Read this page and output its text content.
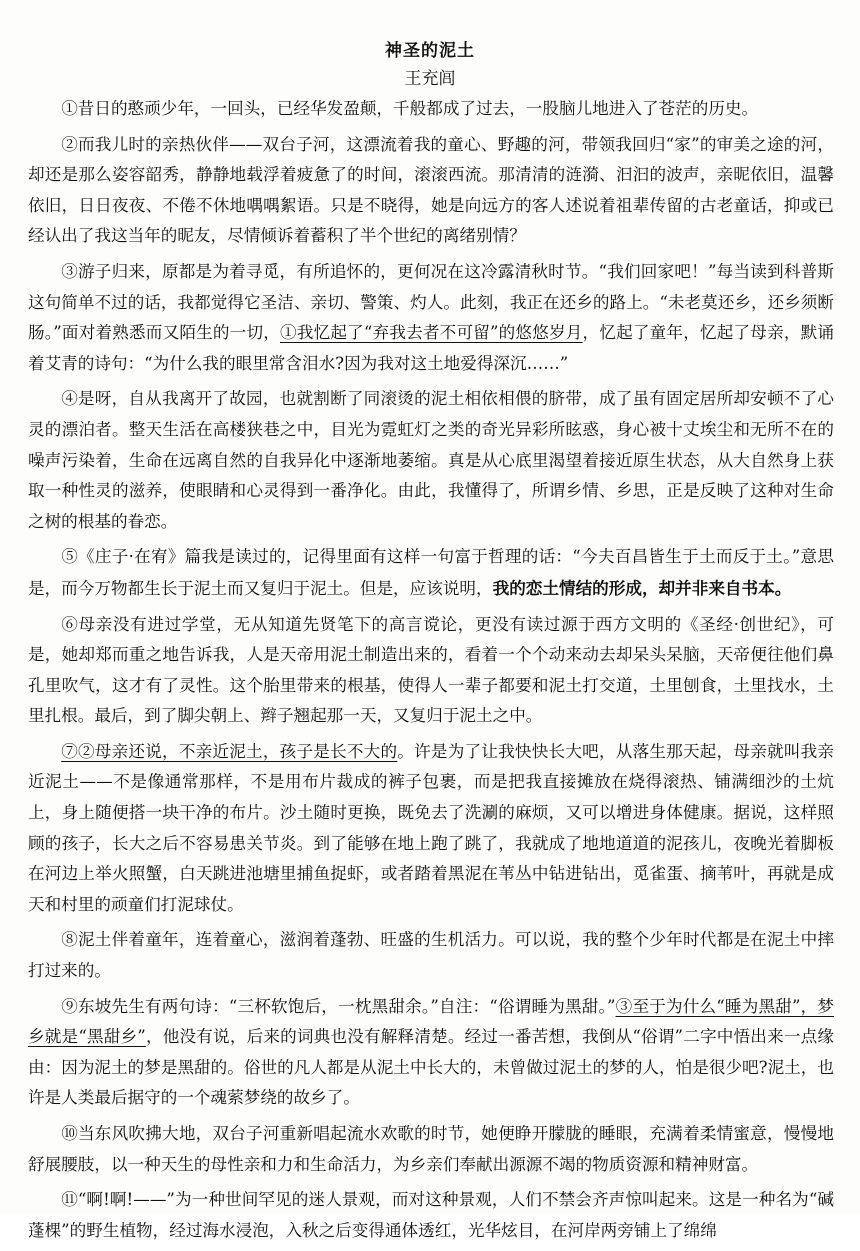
神圣的泥土
王充闾

①昔日的憨顽少年，一回头，已经华发盈颠，千般都成了过去，一股脑儿地进入了苍茫的历史。

②而我儿时的亲热伙伴——双台子河，这漂流着我的童心、野趣的河，带领我回归“家”的审美之途的河，却还是那么姿容韶秀，静静地载浮着疲惫了的时间，滚滚西流。那清清的涟漪、汩汩的波声，亲昵依旧，温馨依旧，日日夜夜、不倦不休地喁喁絮语。只是不晓得，她是向远方的客人述说着祖辈传留的古老童话，抑或已经认出了我这当年的昵友，尽情倾诉着蓄积了半个世纪的离绪别情？

③游子归来，原都是为着寻觅，有所追怀的，更何况在这冷露清秋时节。“我们回家吧！”每当读到科普斯这句简单不过的话，我都觉得它圣洁、亲切、警策、灼人。此刻，我正在还乡的路上。“未老莫还乡，还乡须断肠。”面对着熟悉而又陌生的一切，①我忆起了“弃我去者不可留”的悠悠岁月，忆起了童年，忆起了母亲，默诵着艾青的诗句：“为什么我的眼里常含泪水?因为我对这土地爱得深沉……”

④是呀，自从我离开了故园，也就割断了同滚烫的泥土相依相偎的脐带，成了虽有固定居所却安顿不了心灵的漂泊者。整天生活在高楼狭巷之中，目光为霓虹灯之类的奇光异彩所眩惑，身心被十丈埃尘和无所不在的噪声污染着，生命在远离自然的自我异化中逐渐地萎缩。真是从心底里渴望着接近原生状态，从大自然身上获取一种性灵的滋养，使眼睛和心灵得到一番净化。由此，我懂得了，所谓乡情、乡思，正是反映了这种对生命之树的根基的眷恋。

⑤《庄子·在宥》篇我是读过的，记得里面有这样一句富于哲理的话：“今夫百昌皆生于土而反于土。”意思是，而今万物都生长于泥土而又复归于泥土。但是，应该说明，我的恋土情结的形成，却并非来自书本。

⑥母亲没有进过学堂，无从知道先贤笔下的高言谠论，更没有读过源于西方文明的《圣经·创世纪》，可是，她却郑而重之地告诉我，人是天帝用泥土制造出来的，看着一个个动来动去却呆头呆脑，天帝便往他们鼻孔里吹气，这才有了灵性。这个胎里带来的根基，使得人一辈子都要和泥土打交道，土里刨食，土里找水，土里扎根。最后，到了脚尖朝上、辫子翘起那一天，又复归于泥土之中。

⑦②母亲还说，不亲近泥土，孩子是长不大的。许是为了让我快快长大吧，从落生那天起，母亲就叫我亲近泥土——不是像通常那样，不是用布片裁成的裤子包裹，而是把我直接摊放在烧得滚热、铺满细沙的土炕上，身上随便搭一块干净的布片。沙土随时更换，既免去了洗涮的麻烦，又可以增进身体健康。据说，这样照顾的孩子，长大之后不容易患关节炎。到了能够在地上跑了跳了，我就成了地地道道的泥孩儿，夜晚光着脚板在河边上举火照蟹，白天跳进池塘里捕鱼捉虾，或者踏着黑泥在苇丛中钻进钻出，觅雀蛋、摘苇叶，再就是成天和村里的顽童们打泥球仗。

⑧泥土伴着童年，连着童心，滋润着蓬勃、旺盛的生机活力。可以说，我的整个少年时代都是在泥土中摔打过来的。

⑨东坡先生有两句诗：“三杯软饱后，一枕黑甜余。”自注：“俗谓睡为黑甜。”③至于为什么“睡为黑甜”，梦乡就是“黑甜乡”，他没有说，后来的词典也没有解释清楚。经过一番苦想，我倒从“俗谓”二字中悟出来一点缘由：因为泥土的梦是黑甜的。俗世的凡人都是从泥土中长大的，未曾做过泥土的梦的人，怕是很少吧?泥土，也许是人类最后据守的一个魂萦梦绕的故乡了。

⑩当东风吹拂大地，双台子河重新唱起流水欢歌的时节，她便睁开朦胧的睡眼，充满着柔情蜜意，慢慢地舒展腰肢，以一种天生的母性亲和力和生命活力，为乡亲们奉献出源源不竭的物质资源和精神财富。

⑪“啊!啊!——”为一种世间罕见的迷人景观，而对这种景观，人们不禁会齐声惊叫起来。这是一种名为“碱蓬棵”的野生植物，经过海水浸泡，入秋之后变得通体透红，光华炫目，在河岸两旁铺上了绵绵
